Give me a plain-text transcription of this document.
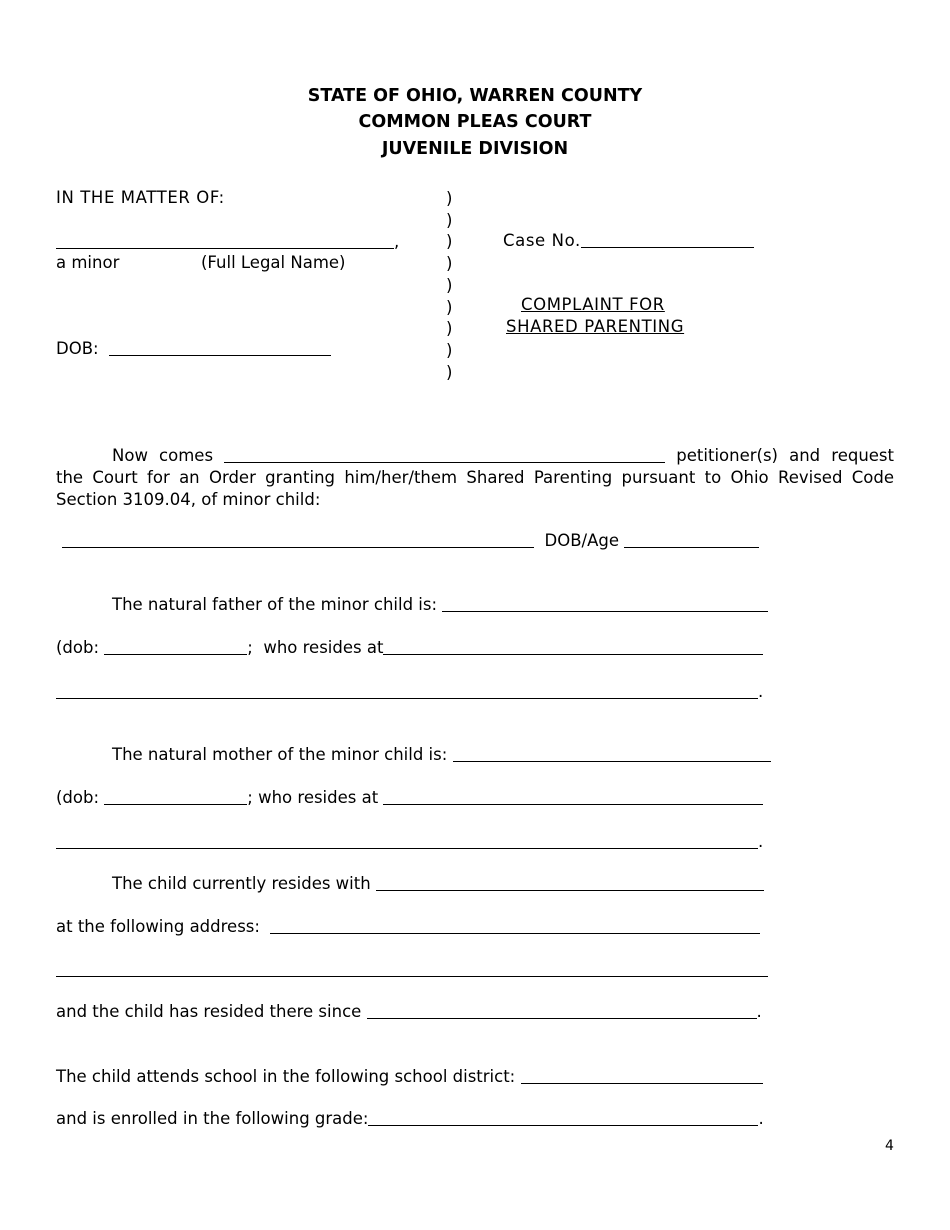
STATE OF OHIO, WARREN COUNTY
COMMON PLEAS COURT
JUVENILE DIVISION
IN THE MATTER OF:
,
a minor	(Full Legal Name)
DOB:
)
)
)
)
)
)
)
)
)
Case No.
COMPLAINT FOR
SHARED PARENTING
Now comes	petitioner(s) and request the Court for an Order granting him/her/them Shared Parenting pursuant to Ohio Revised Code Section 3109.04, of minor child:
DOB/Age
The natural father of the minor child is:
(dob:	;  who resides at
.
The natural mother of the minor child is:
(dob:	; who resides at
.
The child currently resides with
at the following address:
and the child has resided there since	.
The child attends school in the following school district:
and is enrolled in the following grade:	.
4
